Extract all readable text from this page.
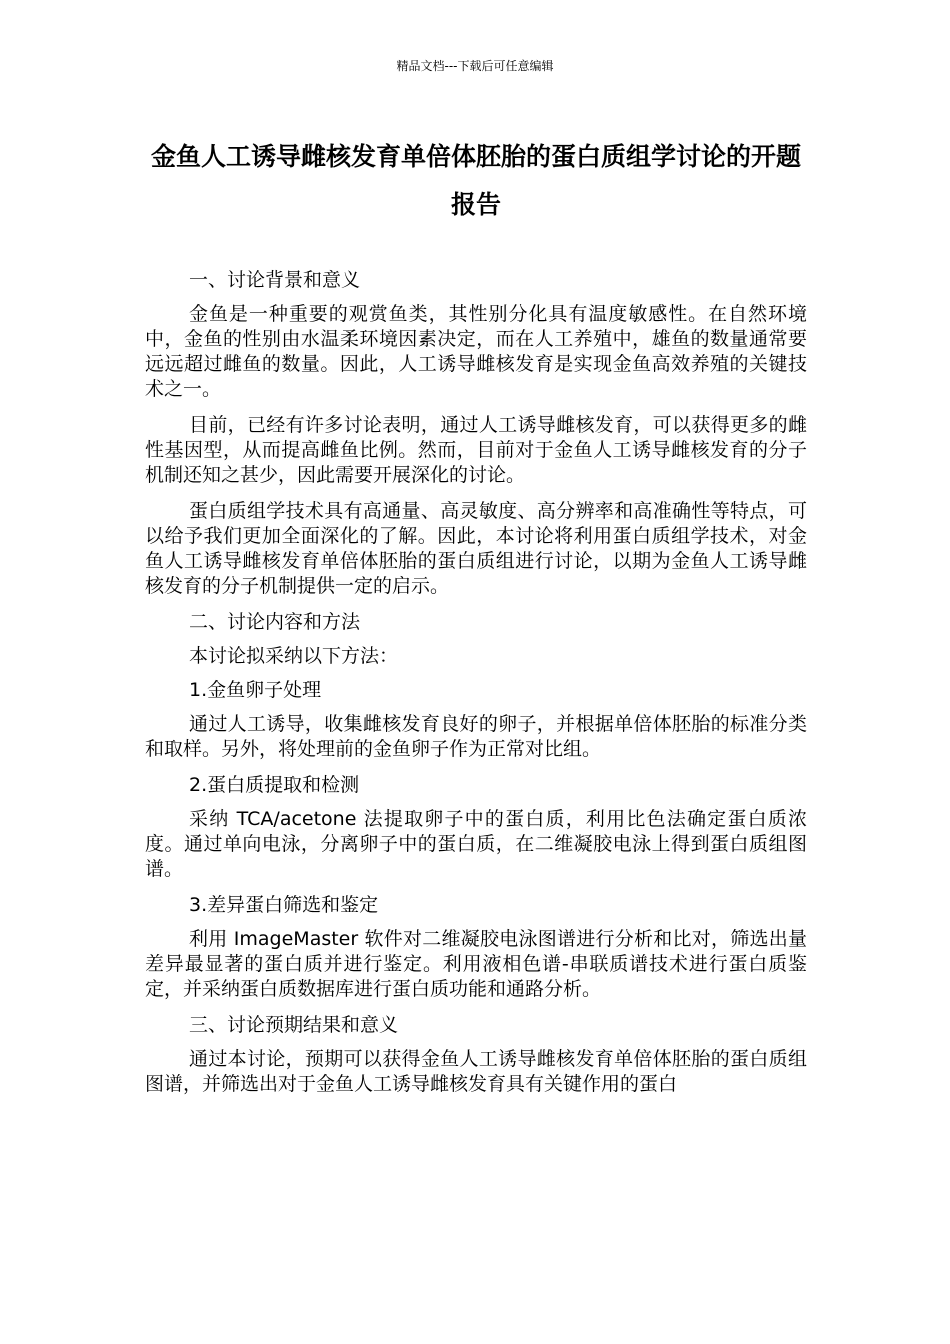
精品文档---下载后可任意编辑
金鱼人工诱导雌核发育单倍体胚胎的蛋白质组学讨论的开题报告

一、讨论背景和意义

金鱼是一种重要的观赏鱼类，其性别分化具有温度敏感性。在自然环境中，金鱼的性别由水温柔环境因素决定，而在人工养殖中，雄鱼的数量通常要远远超过雌鱼的数量。因此，人工诱导雌核发育是实现金鱼高效养殖的关键技术之一。

目前，已经有许多讨论表明，通过人工诱导雌核发育，可以获得更多的雌性基因型，从而提高雌鱼比例。然而，目前对于金鱼人工诱导雌核发育的分子机制还知之甚少，因此需要开展深化的讨论。

蛋白质组学技术具有高通量、高灵敏度、高分辨率和高准确性等特点，可以给予我们更加全面深化的了解。因此，本讨论将利用蛋白质组学技术，对金鱼人工诱导雌核发育单倍体胚胎的蛋白质组进行讨论，以期为金鱼人工诱导雌核发育的分子机制提供一定的启示。

二、讨论内容和方法

本讨论拟采纳以下方法：

1.金鱼卵子处理

通过人工诱导，收集雌核发育良好的卵子，并根据单倍体胚胎的标准分类和取样。另外，将处理前的金鱼卵子作为正常对比组。

2.蛋白质提取和检测

采纳 TCA/acetone 法提取卵子中的蛋白质，利用比色法确定蛋白质浓度。通过单向电泳，分离卵子中的蛋白质，在二维凝胶电泳上得到蛋白质组图谱。

3.差异蛋白筛选和鉴定

利用 ImageMaster 软件对二维凝胶电泳图谱进行分析和比对，筛选出量差异最显著的蛋白质并进行鉴定。利用液相色谱-串联质谱技术进行蛋白质鉴定，并采纳蛋白质数据库进行蛋白质功能和通路分析。

三、讨论预期结果和意义

通过本讨论，预期可以获得金鱼人工诱导雌核发育单倍体胚胎的蛋白质组图谱，并筛选出对于金鱼人工诱导雌核发育具有关键作用的蛋白
